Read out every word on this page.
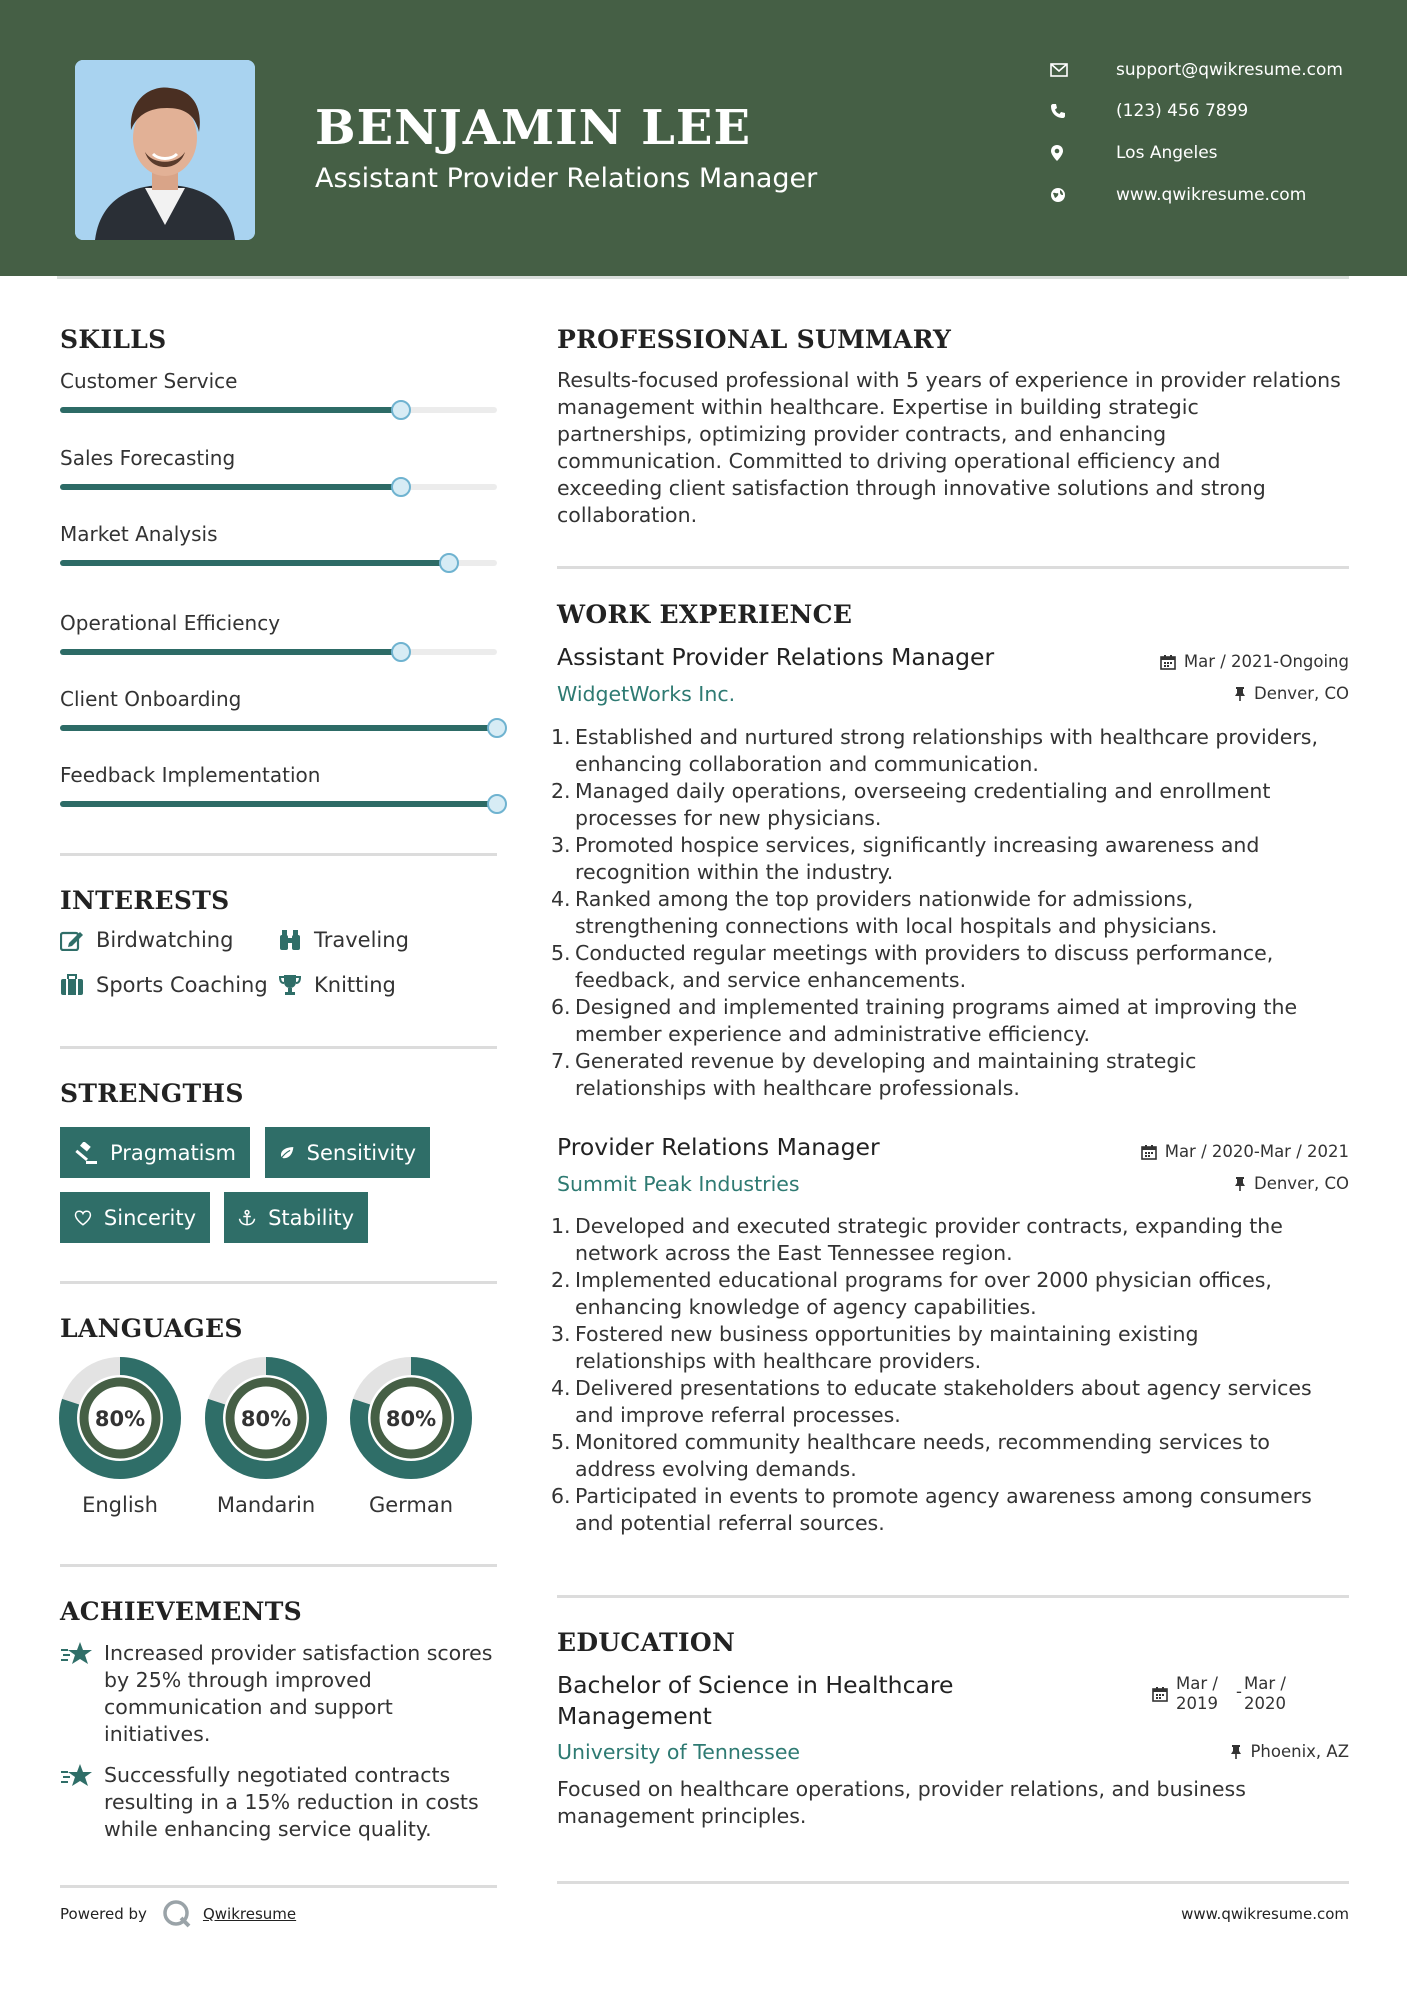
BENJAMIN LEE
Assistant Provider Relations Manager
support@qwikresume.com
(123) 456 7899
Los Angeles
www.qwikresume.com
SKILLS
Customer Service
Sales Forecasting
Market Analysis
Operational Efficiency
Client Onboarding
Feedback Implementation
INTERESTS
Birdwatching	Traveling
Sports Coaching Knitting
STRENGTHS
Pragmatism	Sensitivity
Sincerity	Stability
LANGUAGES
80%
English
80%
Mandarin
80%
German
ACHIEVEMENTS
Increased provider satisfaction scores
by 25% through improved
communication and support
initiatives.
Successfully negotiated contracts
resulting in a 15% reduction in costs
while enhancing service quality.
PROFESSIONAL SUMMARY
Results-focused professional with 5 years of experience in provider relations
management within healthcare. Expertise in building strategic
partnerships, optimizing provider contracts, and enhancing
communication. Committed to driving operational efficiency and
exceeding client satisfaction through innovative solutions and strong
collaboration.
WORK EXPERIENCE
Assistant Provider Relations Manager	Mar / 2021-Ongoing
WidgetWorks Inc.	Denver, CO
1. Established and nurtured strong relationships with healthcare providers,
enhancing collaboration and communication.
2. Managed daily operations, overseeing credentialing and enrollment
processes for new physicians.
3. Promoted hospice services, significantly increasing awareness and
recognition within the industry.
4. Ranked among the top providers nationwide for admissions,
strengthening connections with local hospitals and physicians.
5. Conducted regular meetings with providers to discuss performance,
feedback, and service enhancements.
6. Designed and implemented training programs aimed at improving the
member experience and administrative efficiency.
7. Generated revenue by developing and maintaining strategic
relationships with healthcare professionals.
Provider Relations Manager	Mar / 2020-Mar / 2021
Summit Peak Industries	Denver, CO
1. Developed and executed strategic provider contracts, expanding the
network across the East Tennessee region.
2. Implemented educational programs for over 2000 physician offices,
enhancing knowledge of agency capabilities.
3. Fostered new business opportunities by maintaining existing
relationships with healthcare providers.
4. Delivered presentations to educate stakeholders about agency services
and improve referral processes.
5. Monitored community healthcare needs, recommending services to
address evolving demands.
6. Participated in events to promote agency awareness among consumers
and potential referral sources.
EDUCATION
Bachelor of Science in Healthcare
Management
Mar /
2019
- Mar /
2020
University of Tennessee	Phoenix, AZ
Focused on healthcare operations, provider relations, and business
management principles.
Powered by	Qwikresume	www.qwikresume.com
